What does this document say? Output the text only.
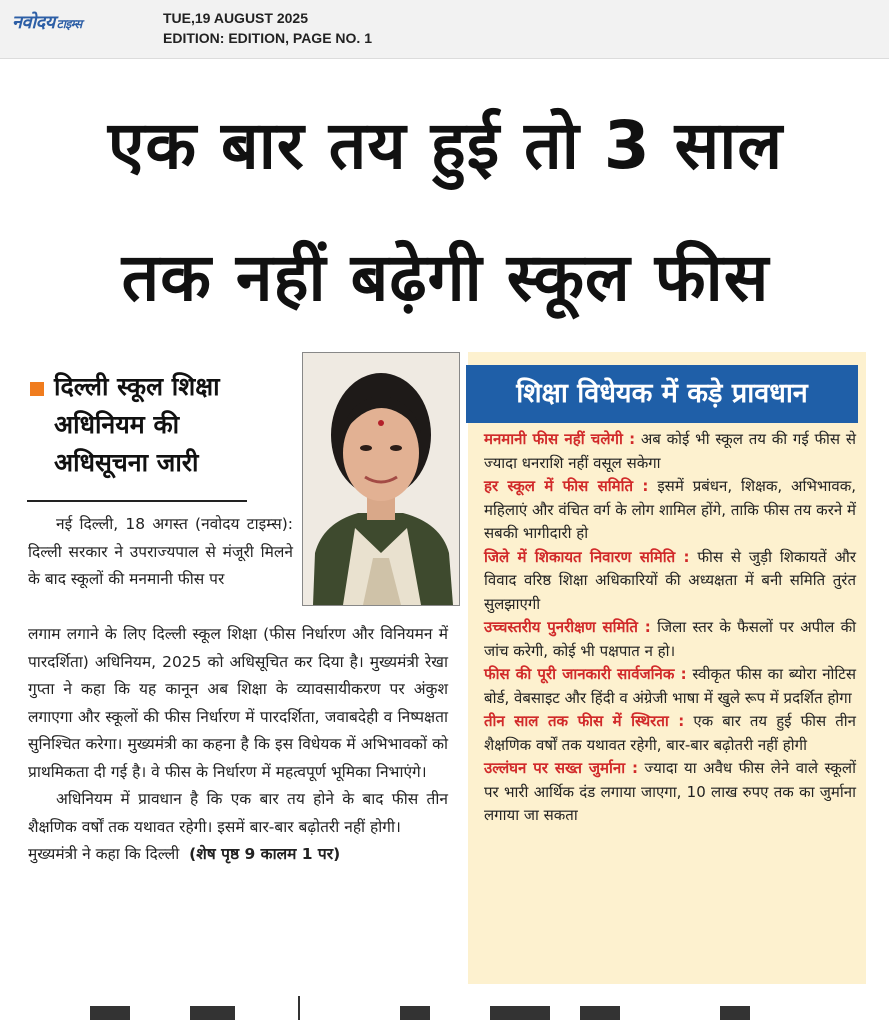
नवोदय टाइम्स	TUE,19 AUGUST 2025
EDITION: EDITION, PAGE NO. 1
एक बार तय हुई तो 3 साल
तक नहीं बढ़ेगी स्कूल फीस
दिल्ली स्कूल शिक्षा
अधिनियम की
अधिसूचना जारी

नई दिल्ली, 18 अगस्त (नवोदय टाइम्स): दिल्ली सरकार ने उपराज्यपाल से मंजूरी मिलने के बाद स्कूलों की मनमानी फीस पर

लगाम लगाने के लिए दिल्ली स्कूल शिक्षा (फीस निर्धारण और विनियमन में पारदर्शिता) अधिनियम, 2025 को अधिसूचित कर दिया है। मुख्यमंत्री रेखा गुप्ता ने कहा कि यह कानून अब शिक्षा के व्यावसायीकरण पर अंकुश लगाएगा और स्कूलों की फीस निर्धारण में पारदर्शिता, जवाबदेही व निष्पक्षता सुनिश्चित करेगा। मुख्यमंत्री का कहना है कि इस विधेयक में अभिभावकों को प्राथमिकता दी गई है। वे फीस के निर्धारण में महत्वपूर्ण भूमिका निभाएंगे।

अधिनियम में प्रावधान है कि एक बार तय होने के बाद फीस तीन शैक्षणिक वर्षों तक यथावत रहेगी। इसमें बार-बार बढ़ोतरी नहीं होगी।

मुख्यमंत्री ने कहा कि दिल्ली (शेष पृष्ठ 9 कालम 1 पर)

शिक्षा विधेयक में कड़े प्रावधान
मनमानी फीस नहीं चलेगी : अब कोई भी स्कूल तय की गई फीस से ज्यादा धनराशि नहीं वसूल सकेगा
हर स्कूल में फीस समिति : इसमें प्रबंधन, शिक्षक, अभिभावक, महिलाएं और वंचित वर्ग के लोग शामिल होंगे, ताकि फीस तय करने में सबकी भागीदारी हो
जिले में शिकायत निवारण समिति : फीस से जुड़ी शिकायतें और विवाद वरिष्ठ शिक्षा अधिकारियों की अध्यक्षता में बनी समिति तुरंत सुलझाएगी
उच्चस्तरीय पुनरीक्षण समिति : जिला स्तर के फैसलों पर अपील की जांच करेगी, कोई भी पक्षपात न हो।
फीस की पूरी जानकारी सार्वजनिक : स्वीकृत फीस का ब्योरा नोटिस बोर्ड, वेबसाइट और हिंदी व अंग्रेजी भाषा में खुले रूप में प्रदर्शित होगा
तीन साल तक फीस में स्थिरता : एक बार तय हुई फीस तीन शैक्षणिक वर्षों तक यथावत रहेगी, बार-बार बढ़ोतरी नहीं होगी
उल्लंघन पर सख्त जुर्माना : ज्यादा या अवैध फीस लेने वाले स्कूलों पर भारी आर्थिक दंड लगाया जाएगा, 10 लाख रुपए तक का जुर्माना लगाया जा सकता
